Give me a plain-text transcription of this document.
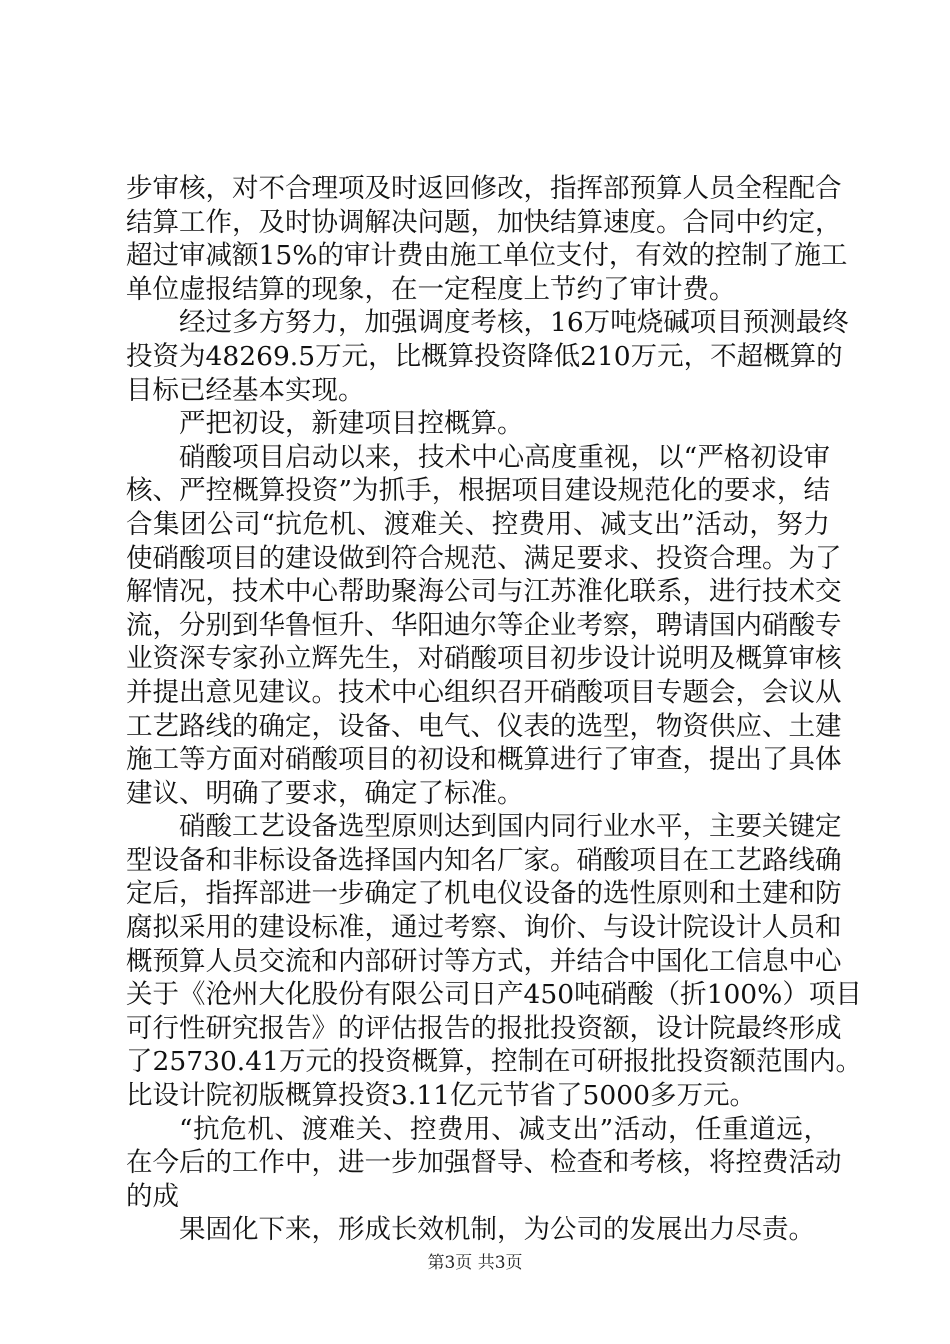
步审核，对不合理项及时返回修改，指挥部预算人员全程配合
结算工作，及时协调解决问题，加快结算速度。合同中约定，
超过审减额15%的审计费由施工单位支付，有效的控制了施工
单位虚报结算的现象，在一定程度上节约了审计费。
经过多方努力，加强调度考核，16万吨烧碱项目预测最终
投资为48269.5万元，比概算投资降低210万元，不超概算的
目标已经基本实现。
严把初设，新建项目控概算。
硝酸项目启动以来，技术中心高度重视，以“严格初设审
核、严控概算投资”为抓手，根据项目建设规范化的要求，结
合集团公司“抗危机、渡难关、控费用、减支出”活动，努力
使硝酸项目的建设做到符合规范、满足要求、投资合理。为了
解情况，技术中心帮助聚海公司与江苏淮化联系，进行技术交
流，分别到华鲁恒升、华阳迪尔等企业考察，聘请国内硝酸专
业资深专家孙立辉先生，对硝酸项目初步设计说明及概算审核
并提出意见建议。技术中心组织召开硝酸项目专题会，会议从
工艺路线的确定，设备、电气、仪表的选型，物资供应、土建
施工等方面对硝酸项目的初设和概算进行了审查，提出了具体
建议、明确了要求，确定了标准。
硝酸工艺设备选型原则达到国内同行业水平，主要关键定
型设备和非标设备选择国内知名厂家。硝酸项目在工艺路线确
定后，指挥部进一步确定了机电仪设备的选性原则和土建和防
腐拟采用的建设标准，通过考察、询价、与设计院设计人员和
概预算人员交流和内部研讨等方式，并结合中国化工信息中心
关于《沧州大化股份有限公司日产450吨硝酸（折100%）项目
可行性研究报告》的评估报告的报批投资额，设计院最终形成
了25730.41万元的投资概算，控制在可研报批投资额范围内。
比设计院初版概算投资3.11亿元节省了5000多万元。
“抗危机、渡难关、控费用、减支出”活动，任重道远，
在今后的工作中，进一步加强督导、检查和考核，将控费活动
的成
果固化下来，形成长效机制，为公司的发展出力尽责。
第3页 共3页
